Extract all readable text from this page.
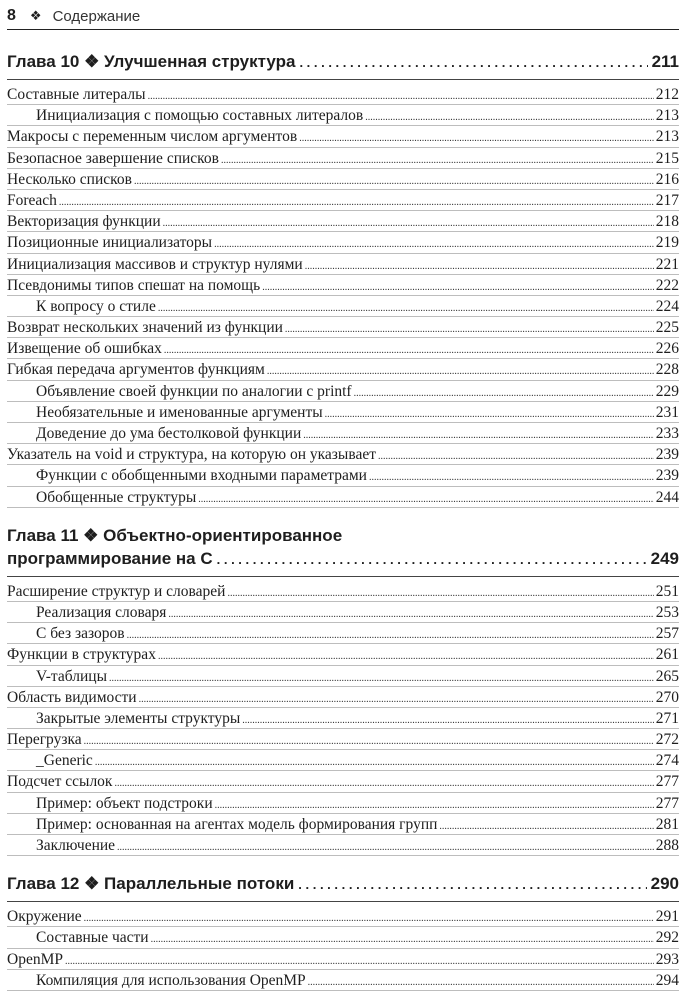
8 ❖ Содержание
Глава 10 ❖ Улучшенная структура . . .	211
Составные литералы .....	212
Инициализация с помощью составных литералов .....	213
Макросы с переменным числом аргументов .....	213
Безопасное завершение списков .....	215
Несколько списков .....	216
Foreach .....	217
Векторизация функции .....	218
Позиционные инициализаторы .....	219
Инициализация массивов и структур нулями .....	221
Псевдонимы типов спешат на помощь .....	222
К вопросу о стиле .....	224
Возврат нескольких значений из функции .....	225
Извещение об ошибках .....	226
Гибкая передача аргументов функциям .....	228
Объявление своей функции по аналогии с printf .....	229
Необязательные и именованные аргументы .....	231
Доведение до ума бестолковой функции .....	233
Указатель на void и структура, на которую он указывает .....	239
Функции с обобщенными входными параметрами .....	239
Обобщенные структуры .....	244
Глава 11 ❖ Объектно-ориентированное
программирование на C . . .	249
Расширение структур и словарей .....	251
Реализация словаря .....	253
C без зазоров .....	257
Функции в структурах .....	261
V-таблицы .....	265
Область видимости .....	270
Закрытые элементы структуры .....	271
Перегрузка .....	272
_Generic .....	274
Подсчет ссылок .....	277
Пример: объект подстроки .....	277
Пример: основанная на агентах модель формирования групп .....	281
Заключение .....	288
Глава 12 ❖ Параллельные потоки . . .	290
Окружение .....	291
Составные части .....	292
OpenMP .....	293
Компиляция для использования OpenMP .....	294
